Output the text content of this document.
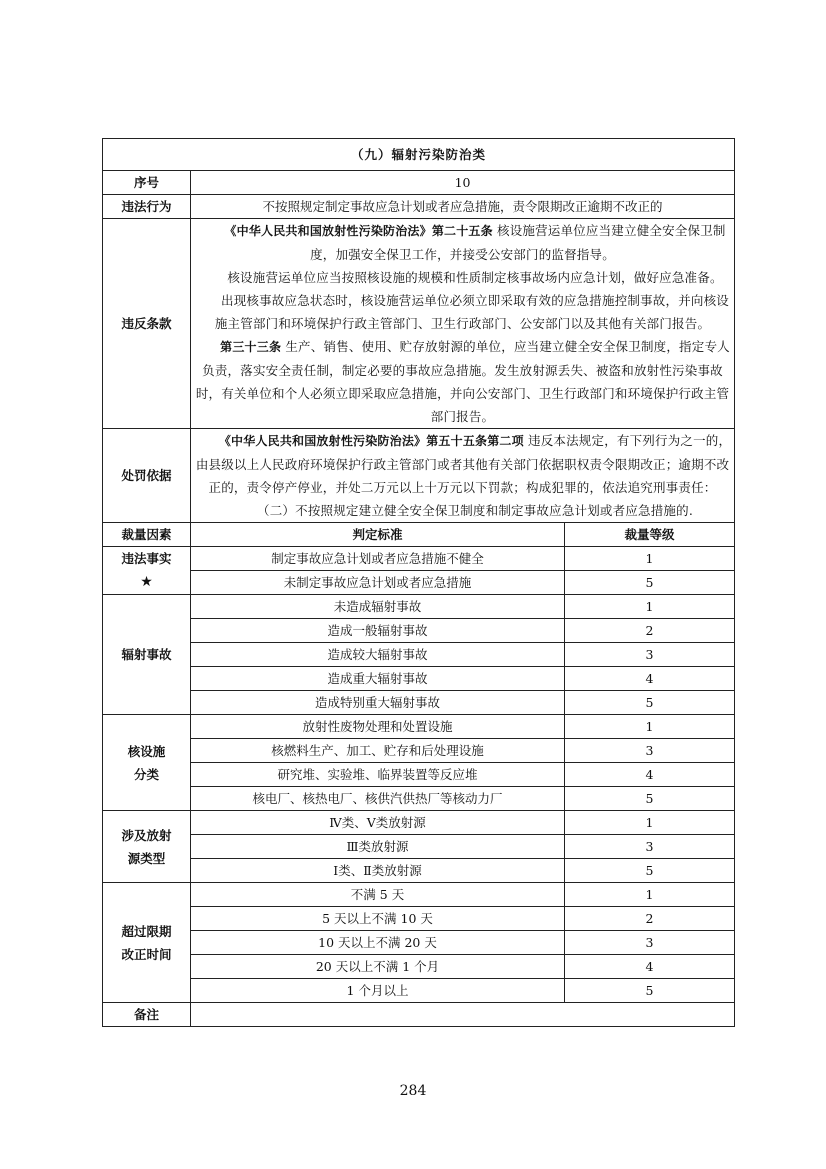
（九）辐射污染防治类		
序号	10	
违法行为	不按照规定制定事故应急计划或者应急措施，责令限期改正逾期不改正的	
违反条款	《中华人民共和国放射性污染防治法》第二十五条 核设施营运单位应当建立健全安全保卫制度，加强安全保卫工作，并接受公安部门的监督指导。

核设施营运单位应当按照核设施的规模和性质制定核事故场内应急计划，做好应急准备。

出现核事故应急状态时，核设施营运单位必须立即采取有效的应急措施控制事故，并向核设施主管部门和环境保护行政主管部门、卫生行政部门、公安部门以及其他有关部门报告。

第三十三条 生产、销售、使用、贮存放射源的单位，应当建立健全安全保卫制度，指定专人负责，落实安全责任制，制定必要的事故应急措施。发生放射源丢失、被盗和放射性污染事故时，有关单位和个人必须立即采取应急措施，并向公安部门、卫生行政部门和环境保护行政主管部门报告。	

处罚依据	《中华人民共和国放射性污染防治法》第五十五条第二项 违反本法规定，有下列行为之一的，由县级以上人民政府环境保护行政主管部门或者其他有关部门依据职权责令限期改正；逾期不改正的，责令停产停业，并处二万元以上十万元以下罚款；构成犯罪的，依法追究刑事责任：

（二）不按照规定建立健全安全保卫制度和制定事故应急计划或者应急措施的.	

裁量因素	判定标准	裁量等级
违法事实
★	制定事故应急计划或者应急措施不健全	1
	未制定事故应急计划或者应急措施	5
辐射事故	未造成辐射事故	1
	造成一般辐射事故	2
	造成较大辐射事故	3
	造成重大辐射事故	4
	造成特别重大辐射事故	5
核设施
分类	放射性废物处理和处置设施	1
	核燃料生产、加工、贮存和后处理设施	3
	研究堆、实验堆、临界装置等反应堆	4
	核电厂、核热电厂、核供汽供热厂等核动力厂	5
涉及放射
源类型	Ⅳ类、Ⅴ类放射源	1
	Ⅲ类放射源	3
	Ⅰ类、Ⅱ类放射源	5
超过限期
改正时间	不满 5 天	1
	5 天以上不满 10 天	2
	10 天以上不满 20 天	3
	20 天以上不满 1 个月	4
	1 个月以上	5
备注		
284
